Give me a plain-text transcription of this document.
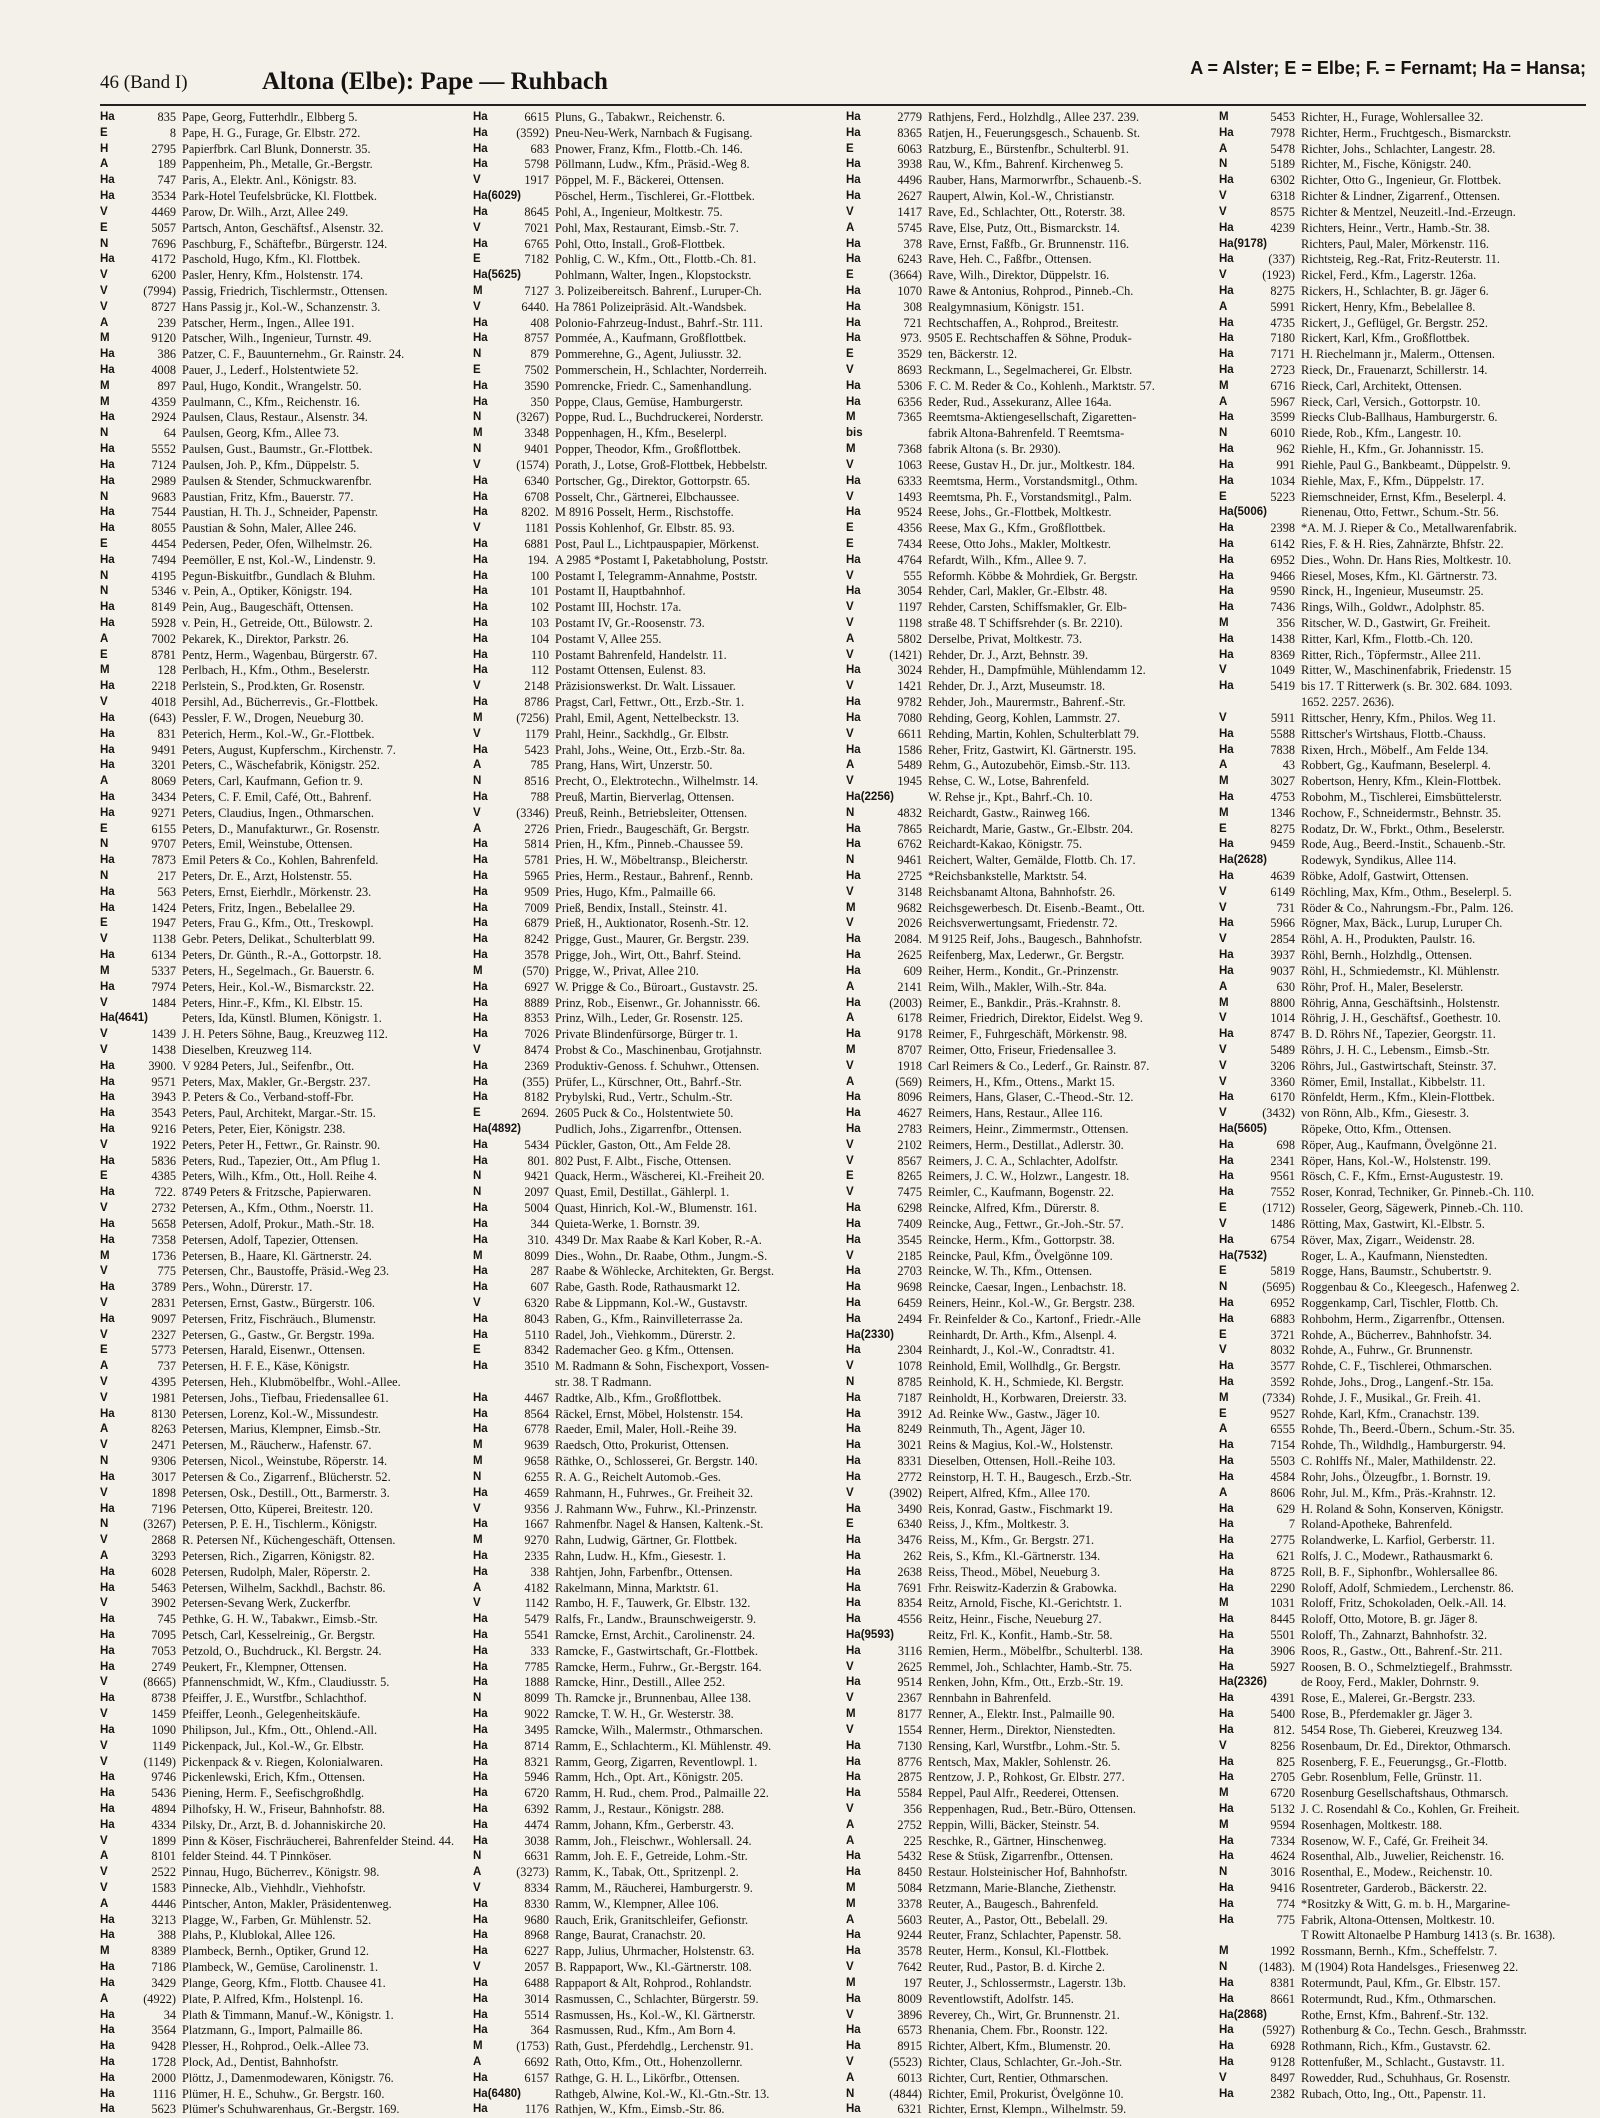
46 (Band I)	Altona (Elbe): Pape — Ruhbach	A = Alster; E = Elbe; F. = Fernamt; Ha = Hansa;
Ha	835 Pape, Georg, Futterhdlr., Elbberg 5.
E	8 Pape, H. G., Furage, Gr. Elbstr. 272.
H	2795 Papierfbrk. Carl Blunk, Donnerstr. 35.
A	189 Pappenheim, Ph., Metalle, Gr.-Bergstr.
Ha	747 Paris, A., Elektr. Anl., Königstr. 83.
Ha	3534 Park-Hotel Teufelsbrücke, Kl. Flottbek.
V	4469 Parow, Dr. Wilh., Arzt, Allee 249.
E	5057 Partsch, Anton, Geschäftsf., Alsenstr. 32.
N	7696 Paschburg, F., Schäftefbr., Bürgerstr. 124.
Ha	4172 Paschold, Hugo, Kfm., Kl. Flottbek.
V	6200 Pasler, Henry, Kfm., Holstenstr. 174.
V	(7994) Passig, Friedrich, Tischlermstr., Ottensen.
V	8727 Hans Passig jr., Kol.-W., Schanzenstr. 3.
A	239 Patscher, Herm., Ingen., Allee 191.
M	9120 Patscher, Wilh., Ingenieur, Turnstr. 49.
Ha	386 Patzer, C. F., Bauunternehm., Gr. Rainstr. 24.
Ha	4008 Pauer, J., Lederf., Holstentwiete 52.
M	897 Paul, Hugo, Kondit., Wrangelstr. 50.
M	4359 Paulmann, C., Kfm., Reichenstr. 16.
Ha	2924 Paulsen, Claus, Restaur., Alsenstr. 34.
N	64 Paulsen, Georg, Kfm., Allee 73.
Ha	5552 Paulsen, Gust., Baumstr., Gr.-Flottbek.
Ha	7124 Paulsen, Joh. P., Kfm., Düppelstr. 5.
Ha	2989 Paulsen & Stender, Schmuckwarenfbr.
N	9683 Paustian, Fritz, Kfm., Bauerstr. 77.
Ha	7544 Paustian, H. Th. J., Schneider, Papenstr.
Ha	8055 Paustian & Sohn, Maler, Allee 246.
E	4454 Pedersen, Peder, Ofen, Wilhelmstr. 26.
Ha	7494 Peemöller, E nst, Kol.-W., Lindenstr. 9.
N	4195 Pegun-Biskuitfbr., Gundlach & Bluhm.
N	5346 v. Pein, A., Optiker, Königstr. 194.
Ha	8149 Pein, Aug., Baugeschäft, Ottensen.
Ha	5928 v. Pein, H., Getreide, Ott., Bülowstr. 2.
A	7002 Pekarek, K., Direktor, Parkstr. 26.
E	8781 Pentz, Herm., Wagenbau, Bürgerstr. 67.
M	128 Perlbach, H., Kfm., Othm., Beselerstr.
Ha	2218 Perlstein, S., Prod.kten, Gr. Rosenstr.
V	4018 Persihl, Ad., Bücherrevis., Gr.-Flottbek.
Ha	(643) Pessler, F. W., Drogen, Neueburg 30.
Ha	831 Peterich, Herm., Kol.-W., Gr.-Flottbek.
Ha	9491 Peters, August, Kupferschm., Kirchenstr. 7.
Ha	3201 Peters, C., Wäschefabrik, Königstr. 252.
A	8069 Peters, Carl, Kaufmann, Gefion tr. 9.
Ha	3434 Peters, C. F. Emil, Café, Ott., Bahrenf.
Ha	9271 Peters, Claudius, Ingen., Othmarschen.
E	6155 Peters, D., Manufakturwr., Gr. Rosenstr.
N	9707 Peters, Emil, Weinstube, Ottensen.
Ha	7873 Emil Peters & Co., Kohlen, Bahrenfeld.
N	217 Peters, Dr. E., Arzt, Holstenstr. 55.
Ha	563 Peters, Ernst, Eierhdlr., Mörkenstr. 23.
Ha	1424 Peters, Fritz, Ingen., Bebelallee 29.
E	1947 Peters, Frau G., Kfm., Ott., Treskowpl.
V	1138 Gebr. Peters, Delikat., Schulterblatt 99.
Ha	6134 Peters, Dr. Günth., R.-A., Gottorpstr. 18.
M	5337 Peters, H., Segelmach., Gr. Bauerstr. 6.
Ha	7974 Peters, Heir., Kol.-W., Bismarckstr. 22.
V	1484 Peters, Hinr.-F., Kfm., Kl. Elbstr. 15.
Ha(4641)	Peters, Ida, Künstl. Blumen, Königstr. 1.
V	1439 J. H. Peters Söhne, Baug., Kreuzweg 112.
V	1438 Dieselben, Kreuzweg 114.
Ha	3900. V 9284 Peters, Jul., Seifenfbr., Ott.
Ha	9571 Peters, Max, Makler, Gr.-Bergstr. 237.
Ha	3943 P. Peters & Co., Verband-stoff-Fbr.
Ha	3543 Peters, Paul, Architekt, Margar.-Str. 15.
Ha	9216 Peters, Peter, Eier, Königstr. 238.
V	1922 Peters, Peter H., Fettwr., Gr. Rainstr. 90.
Ha	5836 Peters, Rud., Tapezier, Ott., Am Pflug 1.
E	4385 Peters, Wilh., Kfm., Ott., Holl. Reihe 4.
Ha	722. 8749 Peters & Fritzsche, Papierwaren.
V	2732 Petersen, A., Kfm., Othm., Noerstr. 11.
Ha	5658 Petersen, Adolf, Prokur., Math.-Str. 18.
Ha	7358 Petersen, Adolf, Tapezier, Ottensen.
M	1736 Petersen, B., Haare, Kl. Gärtnerstr. 24.
V	775 Petersen, Chr., Baustoffe, Präsid.-Weg 23.
Ha	3789 Pers., Wohn., Dürerstr. 17.
V	2831 Petersen, Ernst, Gastw., Bürgerstr. 106.
Ha	9097 Petersen, Fritz, Fischräuch., Blumenstr.
V	2327 Petersen, G., Gastw., Gr. Bergstr. 199a.
E	5773 Petersen, Harald, Eisenwr., Ottensen.
A	737 Petersen, H. F. E., Käse, Königstr.
V	4395 Petersen, Heh., Klubmöbelfbr., Wohl.-Allee.
V	1981 Petersen, Johs., Tiefbau, Friedensallee 61.
Ha	8130 Petersen, Lorenz, Kol.-W., Missundestr.
A	8263 Petersen, Marius, Klempner, Eimsb.-Str.
V	2471 Petersen, M., Räucherw., Hafenstr. 67.
N	9306 Petersen, Nicol., Weinstube, Röperstr. 14.
Ha	3017 Petersen & Co., Zigarrenf., Blücherstr. 52.
V	1898 Petersen, Osk., Destill., Ott., Barmerstr. 3.
Ha	7196 Petersen, Otto, Küperei, Breitestr. 120.
N	(3267) Petersen, P. E. H., Tischlerm., Königstr.
V	2868 R. Petersen Nf., Küchengeschäft, Ottensen.
A	3293 Petersen, Rich., Zigarren, Königstr. 82.
Ha	6028 Petersen, Rudolph, Maler, Röperstr. 2.
Ha	5463 Petersen, Wilhelm, Sackhdl., Bachstr. 86.
V	3902 Petersen-Sevang Werk, Zuckerfbr.
Ha	745 Pethke, G. H. W., Tabakwr., Eimsb.-Str.
Ha	7095 Petsch, Carl, Kesselreinig., Gr. Bergstr.
Ha	7053 Petzold, O., Buchdruck., Kl. Bergstr. 24.
Ha	2749 Peukert, Fr., Klempner, Ottensen.
V	(8665) Pfannenschmidt, W., Kfm., Claudiusstr. 5.
Ha	8738 Pfeiffer, J. E., Wurstfbr., Schlachthof.
V	1459 Pfeiffer, Leonh., Gelegenheitskäufe.
Ha	1090 Philipson, Jul., Kfm., Ott., Ohlend.-All.
V	1149 Pickenpack, Jul., Kol.-W., Gr. Elbstr.
V	(1149) Pickenpack & v. Riegen, Kolonialwaren.
Ha	9746 Pickenlewski, Erich, Kfm., Ottensen.
Ha	5436 Piening, Herm. F., Seefischgroßhdlg.
Ha	4894 Pilhofsky, H. W., Friseur, Bahnhofstr. 88.
Ha	4334 Pilsky, Dr., Arzt, B. d. Johanniskirche 20.
V	1899 Pinn & Köser, Fischräucherei, Bahrenfelder Steind. 44.
A	8101 felder Steind. 44. T Pinnköser.
V	2522 Pinnau, Hugo, Bücherrev., Königstr. 98.
V	1583 Pinnecke, Alb., Viehhdlr., Viehhofstr.
A	4446 Pintscher, Anton, Makler, Präsidentenweg.
Ha	3213 Plagge, W., Farben, Gr. Mühlenstr. 52.
Ha	388 Plahs, P., Klublokal, Allee 126.
M	8389 Plambeck, Bernh., Optiker, Grund 12.
Ha	7186 Plambeck, W., Gemüse, Carolinenstr. 1.
Ha	3429 Plange, Georg, Kfm., Flottb. Chausee 41.
A	(4922) Plate, P. Alfred, Kfm., Holstenpl. 16.
Ha	34 Plath & Timmann, Manuf.-W., Königstr. 1.
Ha	3564 Platzmann, G., Import, Palmaille 86.
Ha	9428 Plesser, H., Rohprod., Oelk.-Allee 73.
Ha	1728 Plock, Ad., Dentist, Bahnhofstr.
Ha	2000 Plöttz, J., Damenmodewaren, Königstr. 76.
Ha	1116 Plümer, H. E., Schuhw., Gr. Bergstr. 160.
Ha	5623 Plümer's Schuhwarenhaus, Gr.-Bergstr. 169.
Ha	6615 Pluns, G., Tabakwr., Reichenstr. 6.
Ha	(3592) Pneu-Neu-Werk, Narnbach & Fugisang.
Ha	683 Pnower, Franz, Kfm., Flottb.-Ch. 146.
Ha	5798 Pöllmann, Ludw., Kfm., Präsid.-Weg 8.
V	1917 Pöppel, M. F., Bäckerei, Ottensen.
Ha(6029)	Pöschel, Herm., Tischlerei, Gr.-Flottbek.
Ha	8645 Pohl, A., Ingenieur, Moltkestr. 75.
V	7021 Pohl, Max, Restaurant, Eimsb.-Str. 7.
Ha	6765 Pohl, Otto, Install., Groß-Flottbek.
E	7182 Pohlig, C. W., Kfm., Ott., Flottb.-Ch. 81.
Ha(5625)	Pohlmann, Walter, Ingen., Klopstockstr.
M	7127 3. Polizeibereitsch. Bahrenf., Luruper-Ch.
V	6440. Ha 7861 Polizeipräsid. Alt.-Wandsbek.
Ha	408 Polonio-Fahrzeug-Indust., Bahrf.-Str. 111.
Ha	8757 Pommée, A., Kaufmann, Großflottbek.
N	879 Pommerehne, G., Agent, Juliusstr. 32.
E	7502 Pommerschein, H., Schlachter, Norderreih.
Ha	3590 Pomrencke, Friedr. C., Samenhandlung.
Ha	350 Poppe, Claus, Gemüse, Hamburgerstr.
N	(3267) Poppe, Rud. L., Buchdruckerei, Norderstr.
M	3348 Poppenhagen, H., Kfm., Beselerpl.
N	9401 Popper, Theodor, Kfm., Großflottbek.
V	(1574) Porath, J., Lotse, Groß-Flottbek, Hebbelstr.
Ha	6340 Portscher, Gg., Direktor, Gottorpstr. 65.
Ha	6708 Posselt, Chr., Gärtnerei, Elbchaussee.
Ha	8202. M 8916 Posselt, Herm., Rischstoffe.
V	1181 Possis Kohlenhof, Gr. Elbstr. 85. 93.
Ha	6881 Post, Paul L., Lichtpauspapier, Mörkenst.
Ha	194. A 2985 *Postamt I, Paketabholung, Poststr.
Ha	100 Postamt I, Telegramm-Annahme, Poststr.
Ha	101 Postamt II, Hauptbahnhof.
Ha	102 Postamt III, Hochstr. 17a.
Ha	103 Postamt IV, Gr.-Roosenstr. 73.
Ha	104 Postamt V, Allee 255.
Ha	110 Postamt Bahrenfeld, Handelstr. 11.
Ha	112 Postamt Ottensen, Eulenst. 83.
V	2148 Präzisionswerkst. Dr. Walt. Lissauer.
Ha	8786 Pragst, Carl, Fettwr., Ott., Erzb.-Str. 1.
M	(7256) Prahl, Emil, Agent, Nettelbeckstr. 13.
V	1179 Prahl, Heinr., Sackhdlg., Gr. Elbstr.
Ha	5423 Prahl, Johs., Weine, Ott., Erzb.-Str. 8a.
A	785 Prang, Hans, Wirt, Unzerstr. 50.
N	8516 Precht, O., Elektrotechn., Wilhelmstr. 14.
Ha	788 Preuß, Martin, Bierverlag, Ottensen.
V	(3346) Preuß, Reinh., Betriebsleiter, Ottensen.
A	2726 Prien, Friedr., Baugeschäft, Gr. Bergstr.
Ha	5814 Prien, H., Kfm., Pinneb.-Chaussee 59.
Ha	5781 Pries, H. W., Möbeltransp., Bleicherstr.
Ha	5965 Pries, Herm., Restaur., Bahrenf., Rennb.
Ha	9509 Pries, Hugo, Kfm., Palmaille 66.
Ha	7009 Prieß, Bendix, Install., Steinstr. 41.
Ha	6879 Prieß, H., Auktionator, Rosenh.-Str. 12.
Ha	8242 Prigge, Gust., Maurer, Gr. Bergstr. 239.
Ha	3578 Prigge, Joh., Wirt, Ott., Bahrf. Steind.
M	(570) Prigge, W., Privat, Allee 210.
Ha	6927 W. Prigge & Co., Büroart., Gustavstr. 25.
Ha	8889 Prinz, Rob., Eisenwr., Gr. Johannisstr. 66.
Ha	8353 Prinz, Wilh., Leder, Gr. Rosenstr. 125.
Ha	7026 Private Blindenfürsorge, Bürger tr. 1.
V	8474 Probst & Co., Maschinenbau, Grotjahnstr.
Ha	2369 Produktiv-Genoss. f. Schuhwr., Ottensen.
Ha	(355) Prüfer, L., Kürschner, Ott., Bahrf.-Str.
Ha	8182 Prybylski, Rud., Vertr., Schulm.-Str.
E	2694. 2605 Puck & Co., Holstentwiete 50.
Ha(4892)	Pudlich, Johs., Zigarrenfbr., Ottensen.
Ha	5434 Pückler, Gaston, Ott., Am Felde 28.
Ha	801. 802 Pust, F. Albt., Fische, Ottensen.
N	9421 Quack, Herm., Wäscherei, Kl.-Freiheit 20.
N	2097 Quast, Emil, Destillat., Gählerpl. 1.
Ha	5004 Quast, Hinrich, Kol.-W., Blumenstr. 161.
Ha	344 Quieta-Werke, 1. Bornstr. 39.
Ha	310. 4349 Dr. Max Raabe & Karl Kober, R.-A.
M	8099 Dies., Wohn., Dr. Raabe, Othm., Jungm.-S.
Ha	287 Raabe & Wöhlecke, Architekten, Gr. Bergst.
Ha	607 Rabe, Gasth. Rode, Rathausmarkt 12.
V	6320 Rabe & Lippmann, Kol.-W., Gustavstr.
Ha	8043 Raben, G., Kfm., Rainvilleterrasse 2a.
Ha	5110 Radel, Joh., Viehkomm., Dürerstr. 2.
E	8342 Rademacher Geo. g Kfm., Ottensen.
Ha	3510 M. Radmann & Sohn, Fischexport, Vossen-
str. 38. T Radmann.
Ha	4467 Radtke, Alb., Kfm., Großflottbek.
Ha	8564 Räckel, Ernst, Möbel, Holstenstr. 154.
Ha	6778 Raeder, Emil, Maler, Holl.-Reihe 39.
M	9639 Raedsch, Otto, Prokurist, Ottensen.
M	9658 Räthke, O., Schlosserei, Gr. Bergstr. 140.
N	6255 R. A. G., Reichelt Automob.-Ges.
Ha	4659 Rahmann, H., Fuhrwes., Gr. Freiheit 32.
V	9356 J. Rahmann Ww., Fuhrw., Kl.-Prinzenstr.
Ha	1667 Rahmenfbr. Nagel & Hansen, Kaltenk.-St.
M	9270 Rahn, Ludwig, Gärtner, Gr. Flottbek.
Ha	2335 Rahn, Ludw. H., Kfm., Giesestr. 1.
Ha	338 Rahtjen, John, Farbenfbr., Ottensen.
A	4182 Rakelmann, Minna, Marktstr. 61.
V	1142 Rambo, H. F., Tauwerk, Gr. Elbstr. 132.
Ha	5479 Ralfs, Fr., Landw., Braunschweigerstr. 9.
Ha	5541 Ramcke, Ernst, Archit., Carolinenstr. 24.
Ha	333 Ramcke, F., Gastwirtschaft, Gr.-Flottbek.
Ha	7785 Ramcke, Herm., Fuhrw., Gr.-Bergstr. 164.
Ha	1888 Ramcke, Hinr., Destill., Allee 252.
N	8099 Th. Ramcke jr., Brunnenbau, Allee 138.
Ha	9022 Ramcke, T. W. H., Gr. Westerstr. 38.
Ha	3495 Ramcke, Wilh., Malermstr., Othmarschen.
Ha	8714 Ramm, E., Schlachterm., Kl. Mühlenstr. 49.
Ha	8321 Ramm, Georg, Zigarren, Reventlowpl. 1.
Ha	5946 Ramm, Hch., Opt. Art., Königstr. 205.
Ha	6720 Ramm, H. Rud., chem. Prod., Palmaille 22.
Ha	6392 Ramm, J., Restaur., Königstr. 288.
Ha	4474 Ramm, Johann, Kfm., Gerberstr. 43.
Ha	3038 Ramm, Joh., Fleischwr., Wohlersall. 24.
N	6631 Ramm, Joh. E. F., Getreide, Lohm.-Str.
A	(3273) Ramm, K., Tabak, Ott., Spritzenpl. 2.
V	8334 Ramm, M., Räucherei, Hamburgerstr. 9.
Ha	8330 Ramm, W., Klempner, Allee 106.
Ha	9680 Rauch, Erik, Granitschleifer, Gefionstr.
Ha	8968 Range, Baurat, Cranachstr. 20.
Ha	6227 Rapp, Julius, Uhrmacher, Holstenstr. 63.
V	2057 B. Rappaport, Ww., Kl.-Gärtnerstr. 108.
Ha	6488 Rappaport & Alt, Rohprod., Rohlandstr.
Ha	3014 Rasmussen, C., Schlachter, Bürgerstr. 59.
Ha	5514 Rasmussen, Hs., Kol.-W., Kl. Gärtnerstr.
Ha	364 Rasmussen, Rud., Kfm., Am Born 4.
M	(1753) Rath, Gust., Pferdehdlg., Lerchenstr. 91.
A	6692 Rath, Otto, Kfm., Ott., Hohenzollernr.
Ha	6157 Rathge, G. H. L., Likörfbr., Ottensen.
Ha(6480)	Rathgeb, Alwine, Kol.-W., Kl.-Gtn.-Str. 13.
Ha	1176 Rathjen, W., Kfm., Eimsb.-Str. 86.
Ha	2779 Rathjens, Ferd., Holzhdlg., Allee 237. 239.
Ha	8365 Ratjen, H., Feuerungsgesch., Schauenb. St.
E	6063 Ratzburg, E., Bürstenfbr., Schulterbl. 91.
Ha	3938 Rau, W., Kfm., Bahrenf. Kirchenweg 5.
Ha	4496 Rauber, Hans, Marmorwrfbr., Schauenb.-S.
Ha	2627 Raupert, Alwin, Kol.-W., Christianstr.
V	1417 Rave, Ed., Schlachter, Ott., Roterstr. 38.
A	5745 Rave, Else, Putz, Ott., Bismarckstr. 14.
Ha	378 Rave, Ernst, Faßfb., Gr. Brunnenstr. 116.
Ha	6243 Rave, Heh. C., Faßfbr., Ottensen.
E	(3664) Rave, Wilh., Direktor, Düppelstr. 16.
Ha	1070 Rawe & Antonius, Rohprod., Pinneb.-Ch.
Ha	308 Realgymnasium, Königstr. 151.
Ha	721 Rechtschaffen, A., Rohprod., Breitestr.
Ha	973. 9505 E. Rechtschaffen & Söhne, Produk-
E	3529 ten, Bäckerstr. 12.
V	8693 Reckmann, L., Segelmacherei, Gr. Elbstr.
Ha	5306 F. C. M. Reder & Co., Kohlenh., Marktstr. 57.
Ha	6356 Reder, Rud., Assekuranz, Allee 164a.
M	7365 Reemtsma-Aktiengesellschaft, Zigaretten-
bis	fabrik Altona-Bahrenfeld. T Reemtsma-
M	7368 fabrik Altona (s. Br. 2930).
V	1063 Reese, Gustav H., Dr. jur., Moltkestr. 184.
Ha	6333 Reemtsma, Herm., Vorstandsmitgl., Othm.
V	1493 Reemtsma, Ph. F., Vorstandsmitgl., Palm.
Ha	9524 Reese, Johs., Gr.-Flottbek, Moltkestr.
E	4356 Reese, Max G., Kfm., Großflottbek.
E	7434 Reese, Otto Johs., Makler, Moltkestr.
Ha	4764 Refardt, Wilh., Kfm., Allee 9. 7.
V	555 Reformh. Köbbe & Mohrdiek, Gr. Bergstr.
Ha	3054 Rehder, Carl, Makler, Gr.-Elbstr. 48.
V	1197 Rehder, Carsten, Schiffsmakler, Gr. Elb-
V	1198 straße 48. T Schiffsrehder (s. Br. 2210).
A	5802 Derselbe, Privat, Moltkestr. 73.
V	(1421) Rehder, Dr. J., Arzt, Behnstr. 39.
Ha	3024 Rehder, H., Dampfmühle, Mühlendamm 12.
V	1421 Rehder, Dr. J., Arzt, Museumstr. 18.
Ha	9782 Rehder, Joh., Maurermstr., Bahrenf.-Str.
Ha	7080 Rehding, Georg, Kohlen, Lammstr. 27.
V	6611 Rehding, Martin, Kohlen, Schulterblatt 79.
Ha	1586 Reher, Fritz, Gastwirt, Kl. Gärtnerstr. 195.
A	5489 Rehm, G., Autozubehör, Eimsb.-Str. 113.
V	1945 Rehse, C. W., Lotse, Bahrenfeld.
Ha(2256)	W. Rehse jr., Kpt., Bahrf.-Ch. 10.
N	4832 Reichardt, Gastw., Rainweg 166.
Ha	7865 Reichardt, Marie, Gastw., Gr.-Elbstr. 204.
Ha	6762 Reichardt-Kakao, Königstr. 75.
N	9461 Reichert, Walter, Gemälde, Flottb. Ch. 17.
Ha	2725 *Reichsbankstelle, Marktstr. 54.
V	3148 Reichsbanamt Altona, Bahnhofstr. 26.
M	9682 Reichsgewerbesch. Dt. Eisenb.-Beamt., Ott.
V	2026 Reichsverwertungsamt, Friedenstr. 72.
Ha	2084. M 9125 Reif, Johs., Baugesch., Bahnhofstr.
Ha	2625 Reifenberg, Max, Lederwr., Gr. Bergstr.
Ha	609 Reiher, Herm., Kondit., Gr.-Prinzenstr.
A	2141 Reim, Wilh., Makler, Wilh.-Str. 84a.
Ha	(2003) Reimer, E., Bankdir., Präs.-Krahnstr. 8.
A	6178 Reimer, Friedrich, Direktor, Eidelst. Weg 9.
Ha	9178 Reimer, F., Fuhrgeschäft, Mörkenstr. 98.
M	8707 Reimer, Otto, Friseur, Friedensallee 3.
V	1918 Carl Reimers & Co., Lederf., Gr. Rainstr. 87.
A	(569) Reimers, H., Kfm., Ottens., Markt 15.
Ha	8096 Reimers, Hans, Glaser, C.-Theod.-Str. 12.
Ha	4627 Reimers, Hans, Restaur., Allee 116.
Ha	2783 Reimers, Heinr., Zimmermstr., Ottensen.
V	2102 Reimers, Herm., Destillat., Adlerstr. 30.
V	8567 Reimers, J. C. A., Schlachter, Adolfstr.
E	8265 Reimers, J. C. W., Holzwr., Langestr. 18.
V	7475 Reimler, C., Kaufmann, Bogenstr. 22.
Ha	6298 Reincke, Alfred, Kfm., Dürerstr. 8.
Ha	7409 Reincke, Aug., Fettwr., Gr.-Joh.-Str. 57.
Ha	3545 Reincke, Herm., Kfm., Gottorpstr. 38.
V	2185 Reincke, Paul, Kfm., Övelgönne 109.
Ha	2703 Reincke, W. Th., Kfm., Ottensen.
Ha	9698 Reincke, Caesar, Ingen., Lenbachstr. 18.
Ha	6459 Reiners, Heinr., Kol.-W., Gr. Bergstr. 238.
Ha	2494 Fr. Reinfelder & Co., Kartonf., Friedr.-Alle
Ha(2330)	Reinhardt, Dr. Arth., Kfm., Alsenpl. 4.
Ha	2304 Reinhardt, J., Kol.-W., Conradtstr. 41.
V	1078 Reinhold, Emil, Wollhdlg., Gr. Bergstr.
N	8785 Reinhold, K. H., Schmiede, Kl. Bergstr.
Ha	7187 Reinholdt, H., Korbwaren, Dreierstr. 33.
Ha	3912 Ad. Reinke Ww., Gastw., Jäger 10.
Ha	8249 Reinmuth, Th., Agent, Jäger 10.
Ha	3021 Reins & Magius, Kol.-W., Holstenstr.
Ha	8331 Dieselben, Ottensen, Holl.-Reihe 103.
Ha	2772 Reinstorp, H. T. H., Baugesch., Erzb.-Str.
V	(3902) Reipert, Alfred, Kfm., Allee 170.
Ha	3490 Reis, Konrad, Gastw., Fischmarkt 19.
E	6340 Reiss, J., Kfm., Moltkestr. 3.
Ha	3476 Reiss, M., Kfm., Gr. Bergstr. 271.
Ha	262 Reis, S., Kfm., Kl.-Gärtnerstr. 134.
Ha	2638 Reiss, Theod., Möbel, Neueburg 3.
Ha	7691 Frhr. Reiswitz-Kaderzin & Grabowka.
Ha	8354 Reitz, Arnold, Fische, Kl.-Gerichtstr. 1.
Ha	4556 Reitz, Heinr., Fische, Neueburg 27.
Ha(9593)	Reitz, Frl. K., Konfit., Hamb.-Str. 58.
Ha	3116 Remien, Herm., Möbelfbr., Schulterbl. 138.
V	2625 Remmel, Joh., Schlachter, Hamb.-Str. 75.
Ha	9514 Renken, John, Kfm., Ott., Erzb.-Str. 19.
V	2367 Rennbahn in Bahrenfeld.
M	8177 Renner, A., Elektr. Inst., Palmaille 90.
V	1554 Renner, Herm., Direktor, Nienstedten.
Ha	7130 Rensing, Karl, Wurstfbr., Lohm.-Str. 5.
Ha	8776 Rentsch, Max, Makler, Sohlenstr. 26.
Ha	2875 Rentzow, J. P., Rohkost, Gr. Elbstr. 277.
Ha	5584 Reppel, Paul Alfr., Reederei, Ottensen.
V	356 Reppenhagen, Rud., Betr.-Büro, Ottensen.
A	2752 Reppin, Willi, Bäcker, Steinstr. 54.
A	225 Reschke, R., Gärtner, Hinschenweg.
Ha	5432 Rese & Stüsk, Zigarrenfbr., Ottensen.
Ha	8450 Restaur. Holsteinischer Hof, Bahnhofstr.
M	5084 Retzmann, Marie-Blanche, Ziethenstr.
M	3378 Reuter, A., Baugesch., Bahrenfeld.
A	5603 Reuter, A., Pastor, Ott., Bebelall. 29.
Ha	9244 Reuter, Franz, Schlachter, Papenstr. 58.
Ha	3578 Reuter, Herm., Konsul, Kl.-Flottbek.
V	7642 Reuter, Rud., Pastor, B. d. Kirche 2.
M	197 Reuter, J., Schlossermstr., Lagerstr. 13b.
Ha	8009 Reventlowstift, Adolfstr. 145.
V	3896 Reverey, Ch., Wirt, Gr. Brunnenstr. 21.
Ha	6573 Rhenania, Chem. Fbr., Roonstr. 122.
Ha	8915 Richter, Albert, Kfm., Blumenstr. 20.
V	(5523) Richter, Claus, Schlachter, Gr.-Joh.-Str.
A	6013 Richter, Curt, Rentier, Othmarschen.
N	(4844) Richter, Emil, Prokurist, Övelgönne 10.
Ha	6321 Richter, Ernst, Klempn., Wilhelmstr. 59.
M	5453 Richter, H., Furage, Wohlersallee 32.
Ha	7978 Richter, Herm., Fruchtgesch., Bismarckstr.
A	5478 Richter, Johs., Schlachter, Langestr. 28.
N	5189 Richter, M., Fische, Königstr. 240.
Ha	6302 Richter, Otto G., Ingenieur, Gr. Flottbek.
V	6318 Richter & Lindner, Zigarrenf., Ottensen.
V	8575 Richter & Mentzel, Neuzeitl.-Ind.-Erzeugn.
Ha	4239 Richters, Heinr., Vertr., Hamb.-Str. 38.
Ha(9178)	Richters, Paul, Maler, Mörkenstr. 116.
Ha	(337) Richtsteig, Reg.-Rat, Fritz-Reuterstr. 11.
V	(1923) Rickel, Ferd., Kfm., Lagerstr. 126a.
Ha	8275 Rickers, H., Schlachter, B. gr. Jäger 6.
A	5991 Rickert, Henry, Kfm., Bebelallee 8.
Ha	4735 Rickert, J., Geflügel, Gr. Bergstr. 252.
Ha	7180 Rickert, Karl, Kfm., Großflottbek.
Ha	7171 H. Riechelmann jr., Malerm., Ottensen.
Ha	2723 Rieck, Dr., Frauenarzt, Schillerstr. 14.
M	6716 Rieck, Carl, Architekt, Ottensen.
A	5967 Rieck, Carl, Versich., Gottorpstr. 10.
Ha	3599 Riecks Club-Ballhaus, Hamburgerstr. 6.
N	6010 Riede, Rob., Kfm., Langestr. 10.
Ha	962 Riehle, H., Kfm., Gr. Johannisstr. 15.
Ha	991 Riehle, Paul G., Bankbeamt., Düppelstr. 9.
Ha	1034 Riehle, Max, F., Kfm., Düppelstr. 17.
E	5223 Riemschneider, Ernst, Kfm., Beselerpl. 4.
Ha(5006)	Rienenau, Otto, Fettwr., Schum.-Str. 56.
Ha	2398 *A. M. J. Rieper & Co., Metallwarenfabrik.
Ha	6142 Ries, F. & H. Ries, Zahnärzte, Bhfstr. 22.
Ha	6952 Dies., Wohn. Dr. Hans Ries, Moltkestr. 10.
Ha	9466 Riesel, Moses, Kfm., Kl. Gärtnerstr. 73.
Ha	9590 Rinck, H., Ingenieur, Museumstr. 25.
Ha	7436 Rings, Wilh., Goldwr., Adolphstr. 85.
M	356 Ritscher, W. D., Gastwirt, Gr. Freiheit.
Ha	1438 Ritter, Karl, Kfm., Flottb.-Ch. 120.
Ha	8369 Ritter, Rich., Töpfermstr., Allee 211.
V	1049 Ritter, W., Maschinenfabrik, Friedenstr. 15
Ha	5419 bis 17. T Ritterwerk (s. Br. 302. 684. 1093.
1652. 2257. 2636).
V	5911 Rittscher, Henry, Kfm., Philos. Weg 11.
Ha	5588 Rittscher's Wirtshaus, Flottb.-Chauss.
Ha	7838 Rixen, Hrch., Möbelf., Am Felde 134.
A	43 Robbert, Gg., Kaufmann, Beselerpl. 4.
M	3027 Robertson, Henry, Kfm., Klein-Flottbek.
Ha	4753 Robohm, M., Tischlerei, Eimsbüttelerstr.
M	1346 Rochow, F., Schneidermstr., Behnstr. 35.
E	8275 Rodatz, Dr. W., Fbrkt., Othm., Beselerstr.
Ha	9459 Rode, Aug., Beerd.-Instit., Schauenb.-Str.
Ha(2628)	Rodewyk, Syndikus, Allee 114.
Ha	4639 Röbke, Adolf, Gastwirt, Ottensen.
V	6149 Röchling, Max, Kfm., Othm., Beselerpl. 5.
V	731 Röder & Co., Nahrungsm.-Fbr., Palm. 126.
Ha	5966 Rögner, Max, Bäck., Lurup, Luruper Ch.
V	2854 Röhl, A. H., Produkten, Paulstr. 16.
Ha	3937 Röhl, Bernh., Holzhdlg., Ottensen.
Ha	9037 Röhl, H., Schmiedemstr., Kl. Mühlenstr.
A	630 Röhr, Prof. H., Maler, Beselerstr.
M	8800 Röhrig, Anna, Geschäftsinh., Holstenstr.
V	1014 Röhrig, J. H., Geschäftsf., Goethestr. 10.
Ha	8747 B. D. Röhrs Nf., Tapezier, Georgstr. 11.
V	5489 Röhrs, J. H. C., Lebensm., Eimsb.-Str.
V	3206 Röhrs, Jul., Gastwirtschaft, Steinstr. 37.
V	3360 Römer, Emil, Installat., Kibbelstr. 11.
Ha	6170 Rönfeldt, Herm., Kfm., Klein-Flottbek.
V	(3432) von Rönn, Alb., Kfm., Giesestr. 3.
Ha(5605)	Röpeke, Otto, Kfm., Ottensen.
Ha	698 Röper, Aug., Kaufmann, Övelgönne 21.
Ha	2341 Röper, Hans, Kol.-W., Holstenstr. 199.
Ha	9561 Rösch, C. F., Kfm., Ernst-Augustestr. 19.
Ha	7552 Roser, Konrad, Techniker, Gr. Pinneb.-Ch. 110.
E	(1712) Rosseler, Georg, Sägewerk, Pinneb.-Ch. 110.
V	1486 Rötting, Max, Gastwirt, Kl.-Elbstr. 5.
Ha	6754 Röver, Max, Zigarr., Weidenstr. 28.
Ha(7532)	Roger, L. A., Kaufmann, Nienstedten.
E	5819 Rogge, Hans, Baumstr., Schubertstr. 9.
N	(5695) Roggenbau & Co., Kleegesch., Hafenweg 2.
Ha	6952 Roggenkamp, Carl, Tischler, Flottb. Ch.
Ha	6883 Rohbohm, Herm., Zigarrenfbr., Ottensen.
E	3721 Rohde, A., Bücherrev., Bahnhofstr. 34.
V	8032 Rohde, A., Fuhrw., Gr. Brunnenstr.
Ha	3577 Rohde, C. F., Tischlerei, Othmarschen.
Ha	3592 Rohde, Johs., Drog., Langenf.-Str. 15a.
M	(7334) Rohde, J. F., Musikal., Gr. Freih. 41.
E	9527 Rohde, Karl, Kfm., Cranachstr. 139.
A	6555 Rohde, Th., Beerd.-Übern., Schum.-Str. 35.
Ha	7154 Rohde, Th., Wildhdlg., Hamburgerstr. 94.
Ha	5503 C. Rohlffs Nf., Maler, Mathildenstr. 22.
Ha	4584 Rohr, Johs., Ölzeugfbr., 1. Bornstr. 19.
A	8606 Rohr, Jul. M., Kfm., Präs.-Krahnstr. 12.
Ha	629 H. Roland & Sohn, Konserven, Königstr.
Ha	7 Roland-Apotheke, Bahrenfeld.
Ha	2775 Rolandwerke, L. Karfiol, Gerberstr. 11.
Ha	621 Rolfs, J. C., Modewr., Rathausmarkt 6.
Ha	8725 Roll, B. F., Siphonfbr., Wohlersallee 86.
Ha	2290 Roloff, Adolf, Schmiedem., Lerchenstr. 86.
M	1031 Roloff, Fritz, Schokoladen, Oelk.-All. 14.
Ha	8445 Roloff, Otto, Motore, B. gr. Jäger 8.
Ha	5501 Roloff, Th., Zahnarzt, Bahnhofstr. 32.
Ha	3906 Roos, R., Gastw., Ott., Bahrenf.-Str. 211.
Ha	5927 Roosen, B. O., Schmelztiegelf., Brahmsstr.
Ha(2326)	de Rooy, Ferd., Makler, Dohrnstr. 9.
Ha	4391 Rose, E., Malerei, Gr.-Bergstr. 233.
Ha	5400 Rose, B., Pferdemakler gr. Jäger 3.
Ha	812. 5454 Rose, Th. Gieberei, Kreuzweg 134.
V	8256 Rosenbaum, Dr. Ed., Direktor, Othmarsch.
Ha	825 Rosenberg, F. E., Feuerungsg., Gr.-Flottb.
Ha	2705 Gebr. Rosenblum, Felle, Grünstr. 11.
M	6720 Rosenburg Gesellschaftshaus, Othmarsch.
Ha	5132 J. C. Rosendahl & Co., Kohlen, Gr. Freiheit.
M	9594 Rosenhagen, Moltkestr. 188.
Ha	7334 Rosenow, W. F., Café, Gr. Freiheit 34.
Ha	4624 Rosenthal, Alb., Juwelier, Reichenstr. 16.
N	3016 Rosenthal, E., Modew., Reichenstr. 10.
Ha	9416 Rosentreter, Garderob., Bäckerstr. 22.
Ha	774 *Rositzky & Witt, G. m. b. H., Margarine-
Ha	775 Fabrik, Altona-Ottensen, Moltkestr. 10.
T Rowitt Altonaelbe P Hamburg 1413 (s. Br. 1638).
M	1992 Rossmann, Bernh., Kfm., Scheffelstr. 7.
N	(1483). M (1904) Rota Handelsges., Friesenweg 22.
Ha	8381 Rotermundt, Paul, Kfm., Gr. Elbstr. 157.
Ha	8661 Rotermundt, Rud., Kfm., Othmarschen.
Ha(2868)	Rothe, Ernst, Kfm., Bahrenf.-Str. 132.
Ha	(5927) Rothenburg & Co., Techn. Gesch., Brahmsstr.
Ha	6928 Rothmann, Rich., Kfm., Gustavstr. 62.
Ha	9128 Rottenfußer, M., Schlacht., Gustavstr. 11.
V	8497 Rowedder, Rud., Schuhhaus, Gr. Rosenstr.
Ha	2382 Rubach, Otto, Ing., Ott., Papenstr. 11.
